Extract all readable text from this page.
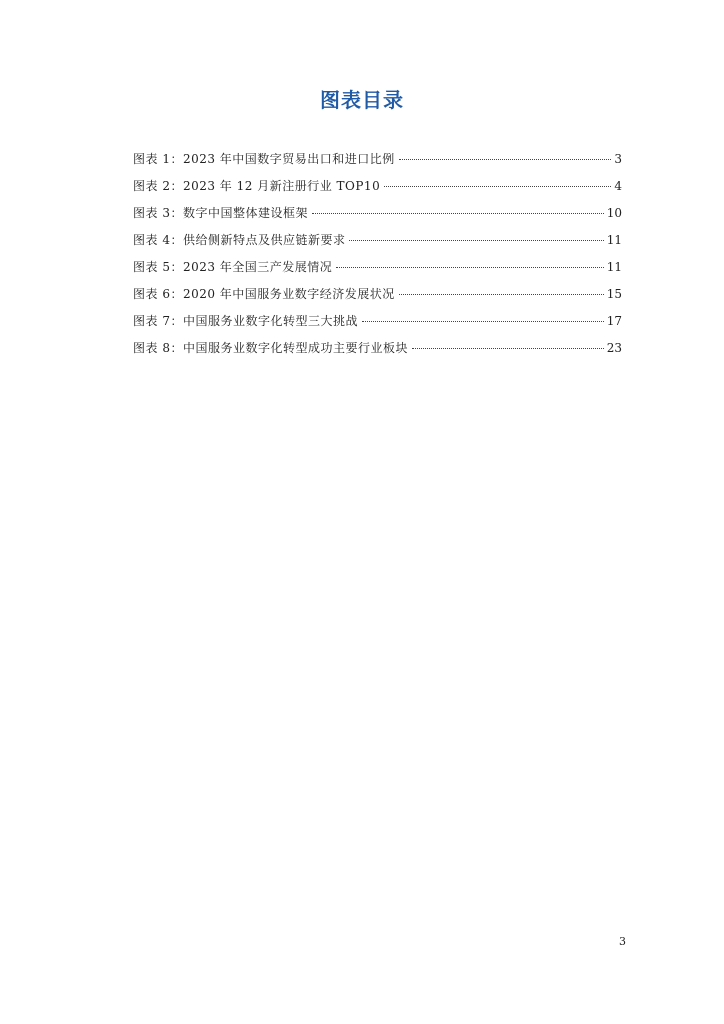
图表目录
图表 1：2023 年中国数字贸易出口和进口比例	3
图表 2：2023 年 12 月新注册行业 TOP10	4
图表 3：数字中国整体建设框架	10
图表 4：供给侧新特点及供应链新要求	11
图表 5：2023 年全国三产发展情况	11
图表 6：2020 年中国服务业数字经济发展状况	15
图表 7：中国服务业数字化转型三大挑战	17
图表 8：中国服务业数字化转型成功主要行业板块	23
3
